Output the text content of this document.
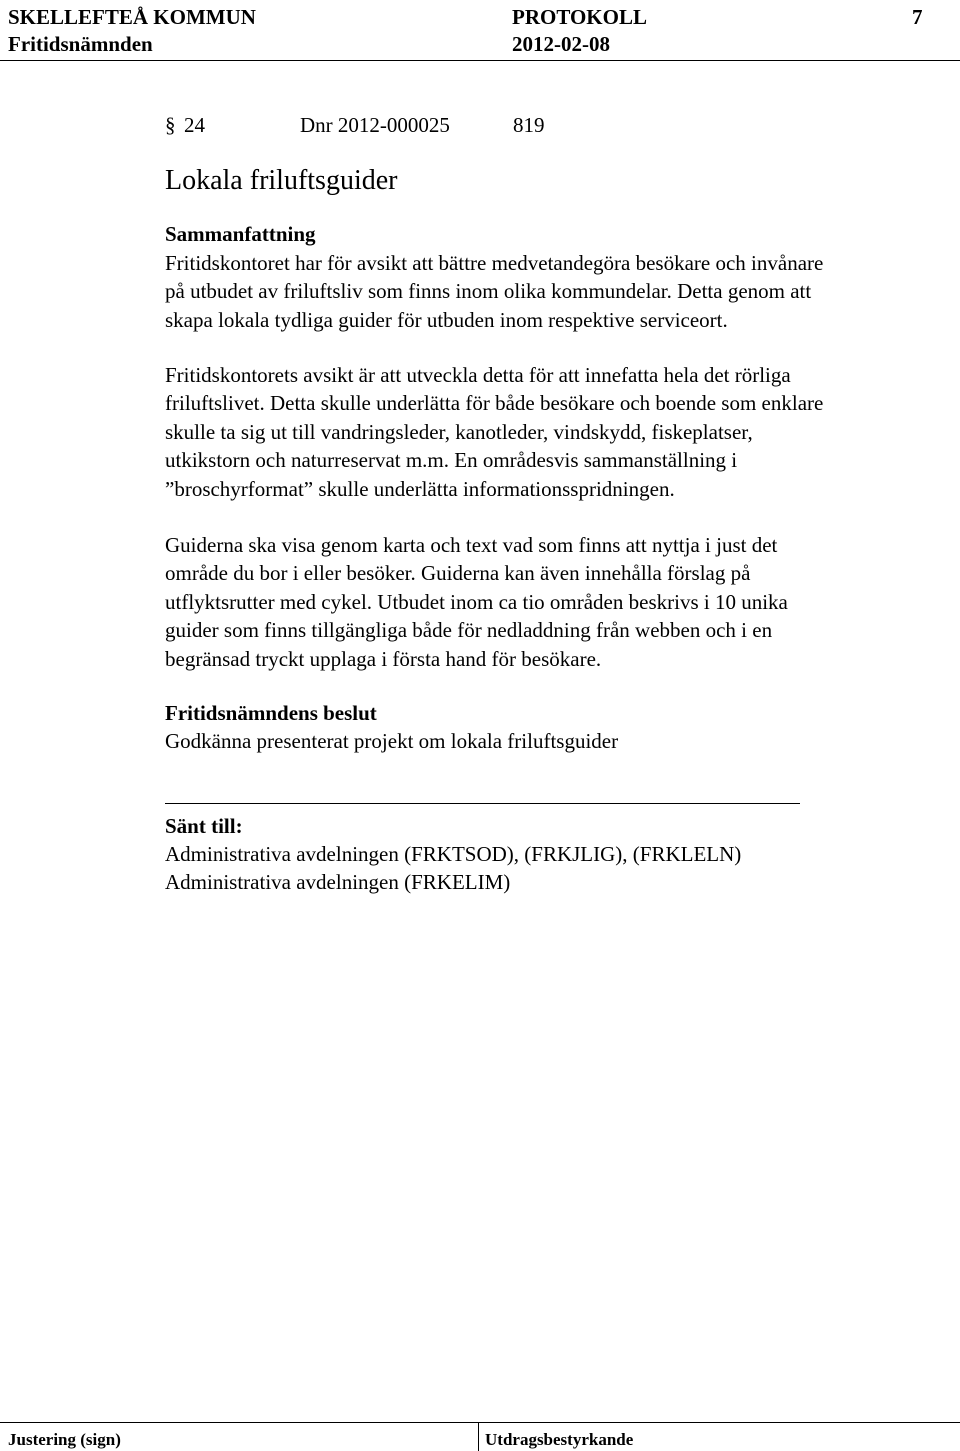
SKELLEFTEÅ KOMMUN	PROTOKOLL	7
Fritidsnämnden	2012-02-08
§ 24	Dnr 2012-000025	819
Lokala friluftsguider
Sammanfattning
Fritidskontoret har för avsikt att bättre medvetandegöra besökare och invånare
på utbudet av friluftsliv som finns inom olika kommundelar. Detta genom att
skapa lokala tydliga guider för utbuden inom respektive serviceort.
Fritidskontorets avsikt är att utveckla detta för att innefatta hela det rörliga
friluftslivet. Detta skulle underlätta för både besökare och boende som enklare
skulle ta sig ut till vandringsleder, kanotleder, vindskydd, fiskeplatser,
utkikstorn och naturreservat m.m. En områdesvis sammanställning i
”broschyrformat” skulle underlätta informationsspridningen.
Guiderna ska visa genom karta och text vad som finns att nyttja i just det
område du bor i eller besöker. Guiderna kan även innehålla förslag på
utflyktsrutter med cykel. Utbudet inom ca tio områden beskrivs i 10 unika
guider som finns tillgängliga både för nedladdning från webben och i en
begränsad tryckt upplaga i första hand för besökare.
Fritidsnämndens beslut
Godkänna presenterat projekt om lokala friluftsguider
Sänt till:
Administrativa avdelningen (FRKTSOD), (FRKJLIG), (FRKLELN)
Administrativa avdelningen (FRKELIM)
Justering (sign)	Utdragsbestyrkande
